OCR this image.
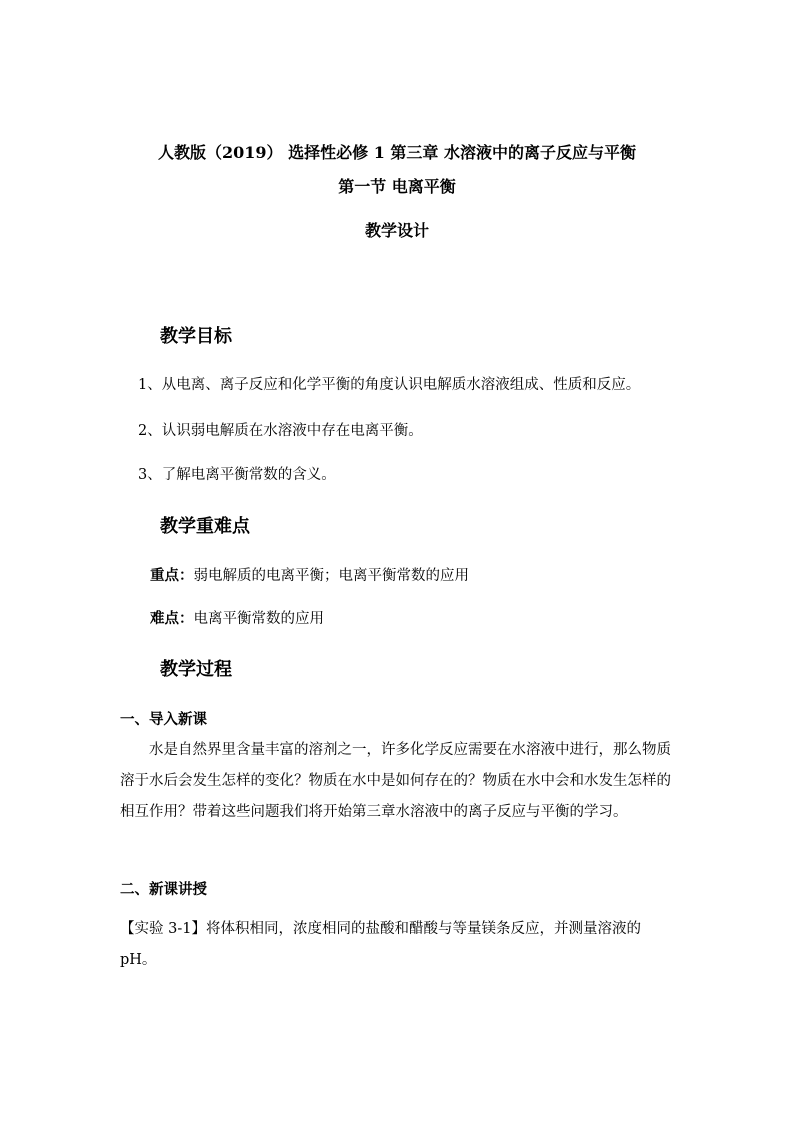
人教版（2019） 选择性必修 1 第三章 水溶液中的离子反应与平衡
第一节 电离平衡
教学设计
教学目标
1、从电离、离子反应和化学平衡的角度认识电解质水溶液组成、性质和反应。
2、认识弱电解质在水溶液中存在电离平衡。
3、了解电离平衡常数的含义。
教学重难点
重点：弱电解质的电离平衡；电离平衡常数的应用
难点：电离平衡常数的应用
教学过程
一、导入新课
水是自然界里含量丰富的溶剂之一，许多化学反应需要在水溶液中进行，那么物质溶于水后会发生怎样的变化？物质在水中是如何存在的？物质在水中会和水发生怎样的相互作用？带着这些问题我们将开始第三章水溶液中的离子反应与平衡的学习。
二、新课讲授
【实验 3-1】将体积相同，浓度相同的盐酸和醋酸与等量镁条反应，并测量溶液的 pH。
